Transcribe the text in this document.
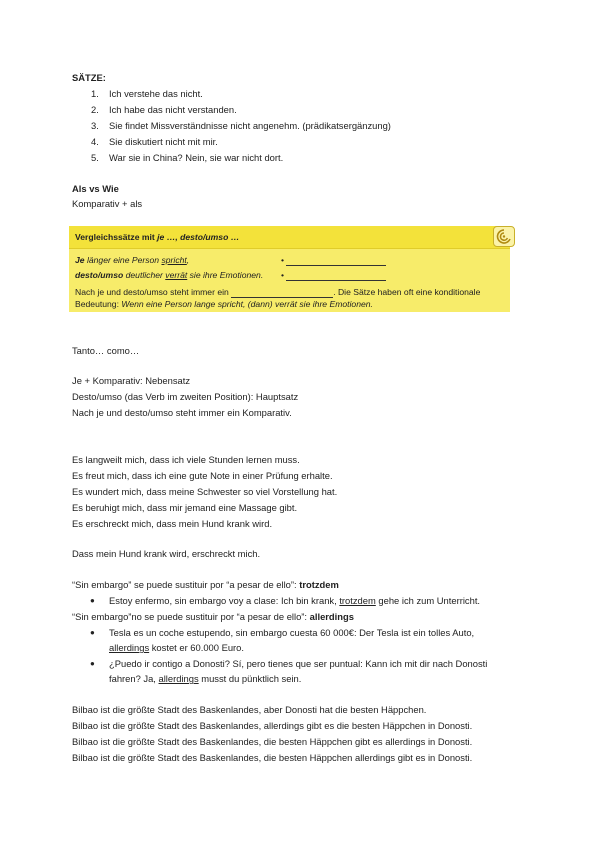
SÄTZE:
1. Ich verstehe das nicht.
2. Ich habe das nicht verstanden.
3. Sie findet Missverständnisse nicht angenehm. (prädikatsergänzung)
4. Sie diskutiert nicht mit mir.
5. War sie in China? Nein, sie war nicht dort.
Als vs Wie
Komparativ + als
Vergleichssätze mit je …, desto/umso …
Je länger eine Person spricht,	•
desto/umso deutlicher verrät sie ihre Emotionen. •
Nach je und desto/umso steht immer ein	. Die Sätze haben oft eine konditionale
Bedeutung: Wenn eine Person lange spricht, (dann) verrät sie ihre Emotionen.
Tanto… como…
Je + Komparativ: Nebensatz
Desto/umso (das Verb im zweiten Position): Hauptsatz
Nach je und desto/umso steht immer ein Komparativ.
Es langweilt mich, dass ich viele Stunden lernen muss.
Es freut mich, dass ich eine gute Note in einer Prüfung erhalte.
Es wundert mich, dass meine Schwester so viel Vorstellung hat.
Es beruhigt mich, dass mir jemand eine Massage gibt.
Es erschreckt mich, dass mein Hund krank wird.
Dass mein Hund krank wird, erschreckt mich.
“Sin embargo” se puede sustituir por “a pesar de ello”: trotzdem
● Estoy enfermo, sin embargo voy a clase: Ich bin krank, trotzdem gehe ich zum Unterricht.
“Sin embargo”no se puede sustituir por “a pesar de ello”: allerdings
● Tesla es un coche estupendo, sin embargo cuesta 60 000€: Der Tesla ist ein tolles Auto,
allerdings kostet er 60.000 Euro.
● ¿Puedo ir contigo a Donosti? Sí, pero tienes que ser puntual: Kann ich mit dir nach Donosti
fahren? Ja, allerdings musst du pünktlich sein.
Bilbao ist die größte Stadt des Baskenlandes, aber Donosti hat die besten Häppchen.
Bilbao ist die größte Stadt des Baskenlandes, allerdings gibt es die besten Häppchen in Donosti.
Bilbao ist die größte Stadt des Baskenlandes, die besten Häppchen gibt es allerdings in Donosti.
Bilbao ist die größte Stadt des Baskenlandes, die besten Häppchen allerdings gibt es in Donosti.
